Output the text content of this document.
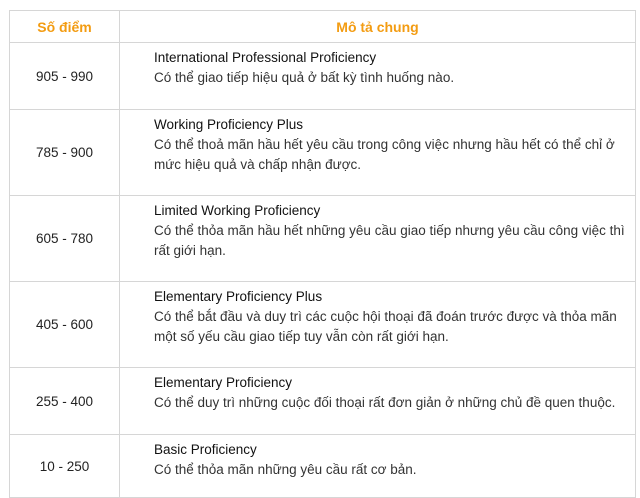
Số điểm	Mô tả chung
905 - 990	International Professional Proficiency
Có thể giao tiếp hiệu quả ở bất kỳ tình huống nào.

785 - 900	Working Proficiency Plus
Có thể thoả mãn hầu hết yêu cầu trong công việc nhưng hầu hết có thể chỉ ở mức hiệu quả và chấp nhận được.

605 - 780	Limited Working Proficiency
Có thể thỏa mãn hầu hết những yêu cầu giao tiếp nhưng yêu cầu công việc thì rất giới hạn.

405 - 600	Elementary Proficiency Plus
Có thể bắt đầu và duy trì các cuộc hội thoại đã đoán trước được và thỏa mãn một số yếu cầu giao tiếp tuy vẫn còn rất giới hạn.

255 - 400	Elementary Proficiency
Có thể duy trì những cuộc đối thoại rất đơn giản ở những chủ đề quen thuộc.

10 - 250	Basic Proficiency
Có thể thỏa mãn những yêu cầu rất cơ bản.
